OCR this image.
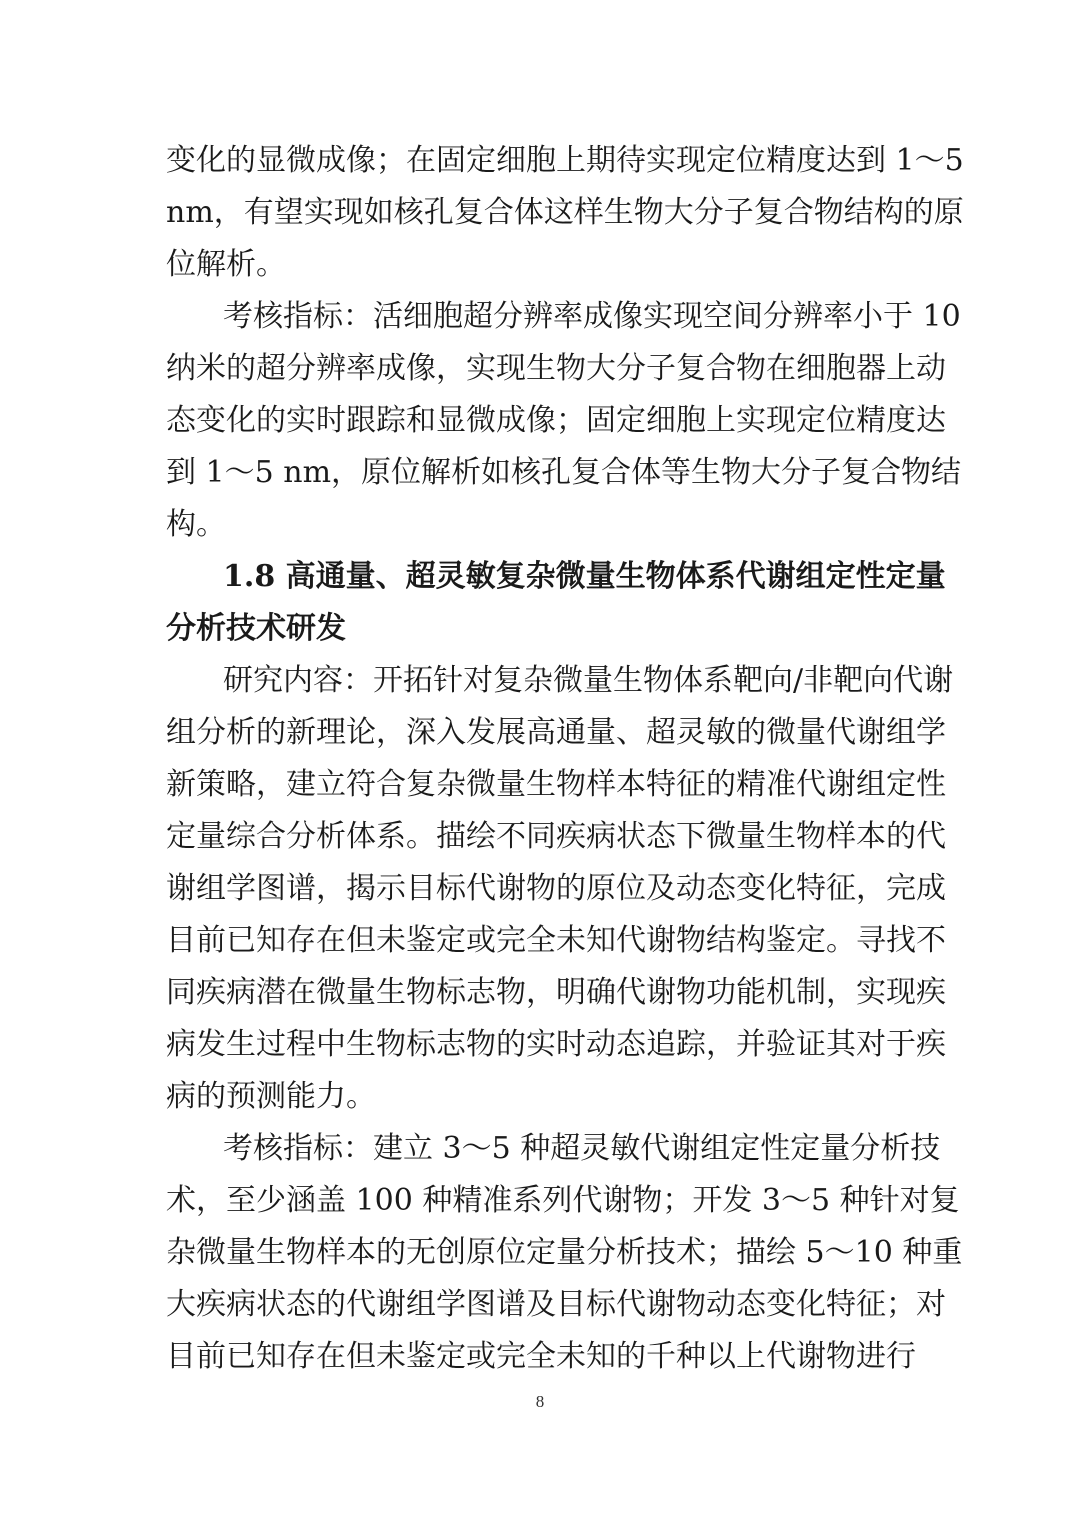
变化的显微成像；在固定细胞上期待实现定位精度达到 1～5
nm，有望实现如核孔复合体这样生物大分子复合物结构的原
位解析。
考核指标：活细胞超分辨率成像实现空间分辨率小于 10
纳米的超分辨率成像，实现生物大分子复合物在细胞器上动
态变化的实时跟踪和显微成像；固定细胞上实现定位精度达
到 1～5 nm，原位解析如核孔复合体等生物大分子复合物结
构。
1.8 高通量、超灵敏复杂微量生物体系代谢组定性定量
分析技术研发
研究内容：开拓针对复杂微量生物体系靶向/非靶向代谢
组分析的新理论，深入发展高通量、超灵敏的微量代谢组学
新策略，建立符合复杂微量生物样本特征的精准代谢组定性
定量综合分析体系。描绘不同疾病状态下微量生物样本的代
谢组学图谱，揭示目标代谢物的原位及动态变化特征，完成
目前已知存在但未鉴定或完全未知代谢物结构鉴定。寻找不
同疾病潜在微量生物标志物，明确代谢物功能机制，实现疾
病发生过程中生物标志物的实时动态追踪，并验证其对于疾
病的预测能力。
考核指标：建立 3～5 种超灵敏代谢组定性定量分析技
术，至少涵盖 100 种精准系列代谢物；开发 3～5 种针对复
杂微量生物样本的无创原位定量分析技术；描绘 5～10 种重
大疾病状态的代谢组学图谱及目标代谢物动态变化特征；对
目前已知存在但未鉴定或完全未知的千种以上代谢物进行
8
